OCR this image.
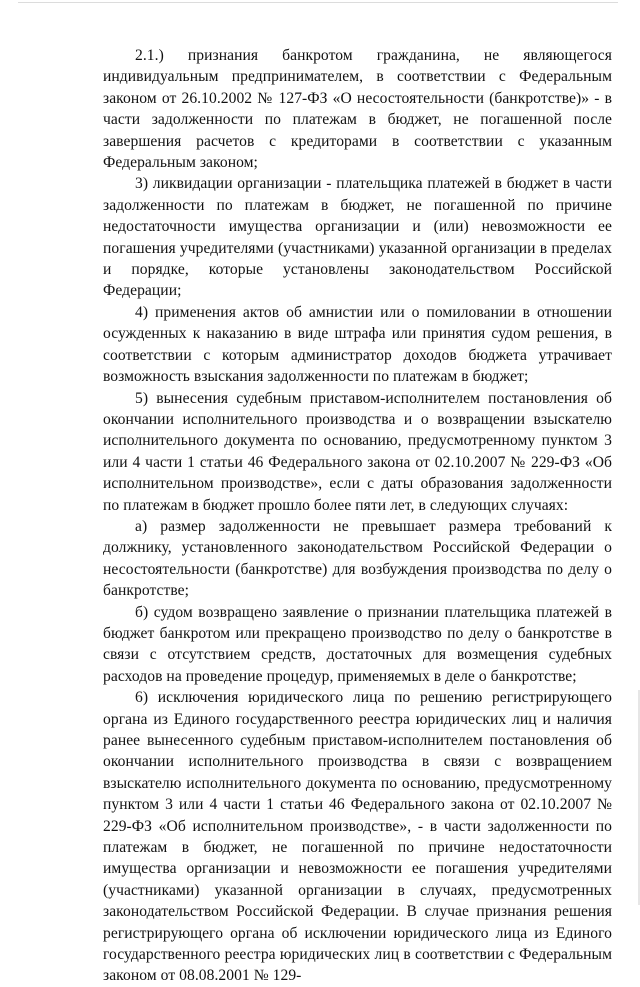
2.1.) признания банкротом гражданина, не являющегося индивидуальным предпринимателем, в соответствии с Федеральным законом от 26.10.2002 № 127-ФЗ «О несостоятельности (банкротстве)» - в части задолженности по платежам в бюджет, не погашенной после завершения расчетов с кредиторами в соответствии с указанным Федеральным законом;

3) ликвидации организации - плательщика платежей в бюджет в части задолженности по платежам в бюджет, не погашенной по причине недостаточности имущества организации и (или) невозможности ее погашения учредителями (участниками) указанной организации в пределах и порядке, которые установлены законодательством Российской Федерации;

4) применения актов об амнистии или о помиловании в отношении осужденных к наказанию в виде штрафа или принятия судом решения, в соответствии с которым администратор доходов бюджета утрачивает возможность взыскания задолженности по платежам в бюджет;

5) вынесения судебным приставом-исполнителем постановления об окончании исполнительного производства и о возвращении взыскателю исполнительного документа по основанию, предусмотренному пунктом 3 или 4 части 1 статьи 46 Федерального закона от 02.10.2007 № 229-ФЗ «Об исполнительном производстве», если с даты образования задолженности по платежам в бюджет прошло более пяти лет, в следующих случаях:

а) размер задолженности не превышает размера требований к должнику, установленного законодательством Российской Федерации о несостоятельности (банкротстве) для возбуждения производства по делу о банкротстве;

б) судом возвращено заявление о признании плательщика платежей в бюджет банкротом или прекращено производство по делу о банкротстве в связи с отсутствием средств, достаточных для возмещения судебных расходов на проведение процедур, применяемых в деле о банкротстве;

6) исключения юридического лица по решению регистрирующего органа из Единого государственного реестра юридических лиц и наличия ранее вынесенного судебным приставом-исполнителем постановления об окончании исполнительного производства в связи с возвращением взыскателю исполнительного документа по основанию, предусмотренному пунктом 3 или 4 части 1 статьи 46 Федерального закона от 02.10.2007 № 229-ФЗ «Об исполнительном производстве», - в части задолженности по платежам в бюджет, не погашенной по причине недостаточности имущества организации и невозможности ее погашения учредителями (участниками) указанной организации в случаях, предусмотренных законодательством Российской Федерации. В случае признания решения регистрирующего органа об исключении юридического лица из Единого государственного реестра юридических лиц в соответствии с Федеральным законом от 08.08.2001 № 129-
